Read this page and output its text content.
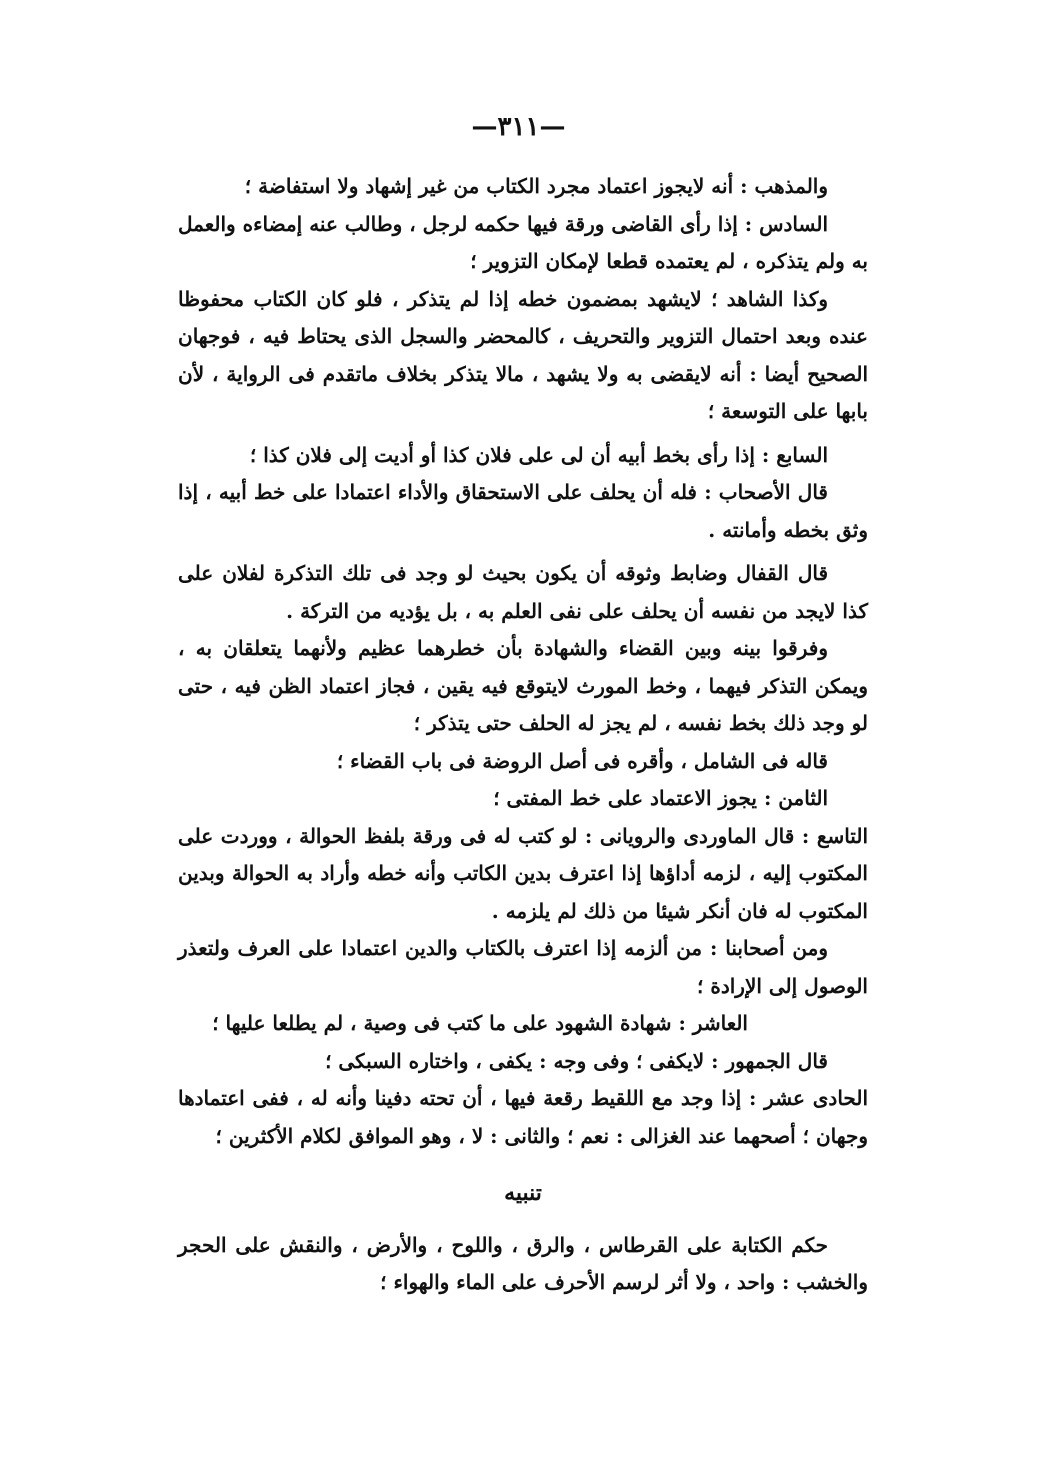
—٣١١—

والمذهب : أنه لايجوز اعتماد مجرد الكتاب من غير إشهاد ولا استفاضة ؛

السادس : إذا رأى القاضى ورقة فيها حكمه لرجل ، وطالب عنه إمضاءه والعمل به ولم يتذكره ، لم يعتمده قطعا لإمكان التزوير ؛

وكذا الشاهد ؛ لايشهد بمضمون خطه إذا لم يتذكر ، فلو كان الكتاب محفوظا عنده وبعد احتمال التزوير والتحريف ، كالمحضر والسجل الذى يحتاط فيه ، فوجهان الصحيح أيضا : أنه لايقضى به ولا يشهد ، مالا يتذكر بخلاف ماتقدم فى الرواية ، لأن بابها على التوسعة ؛

السابع : إذا رأى بخط أبيه أن لى على فلان كذا أو أديت إلى فلان كذا ؛

قال الأصحاب : فله أن يحلف على الاستحقاق والأداء اعتمادا على خط أبيه ، إذا وثق بخطه وأمانته .

قال القفال وضابط وثوقه أن يكون بحيث لو وجد فى تلك التذكرة لفلان على كذا لايجد من نفسه أن يحلف على نفى العلم به ، بل يؤديه من التركة .

وفرقوا بينه وبين القضاء والشهادة بأن خطرهما عظيم ولأنهما يتعلقان به ، ويمكن التذكر فيهما ، وخط المورث لايتوقع فيه يقين ، فجاز اعتماد الظن فيه ، حتى لو وجد ذلك بخط نفسه ، لم يجز له الحلف حتى يتذكر ؛

قاله فى الشامل ، وأقره فى أصل الروضة فى باب القضاء ؛

الثامن : يجوز الاعتماد على خط المفتى ؛

التاسع : قال الماوردى والرويانى : لو كتب له فى ورقة بلفظ الحوالة ، ووردت على المكتوب إليه ، لزمه أداؤها إذا اعترف بدين الكاتب وأنه خطه وأراد به الحوالة وبدين المكتوب له فان أنكر شيئا من ذلك لم يلزمه .

ومن أصحابنا : من ألزمه إذا اعترف بالكتاب والدين اعتمادا على العرف ولتعذر الوصول إلى الإرادة ؛

العاشر : شهادة الشهود على ما كتب فى وصية ، لم يطلعا عليها ؛

قال الجمهور : لايكفى ؛ وفى وجه : يكفى ، واختاره السبكى ؛

الحادى عشر : إذا وجد مع اللقيط رقعة فيها ، أن تحته دفينا وأنه له ، ففى اعتمادها وجهان ؛ أصحهما عند الغزالى : نعم ؛ والثانى : لا ، وهو الموافق لكلام الأكثرين ؛

تنبيه

حكم الكتابة على القرطاس ، والرق ، واللوح ، والأرض ، والنقش على الحجر والخشب : واحد ، ولا أثر لرسم الأحرف على الماء والهواء ؛
